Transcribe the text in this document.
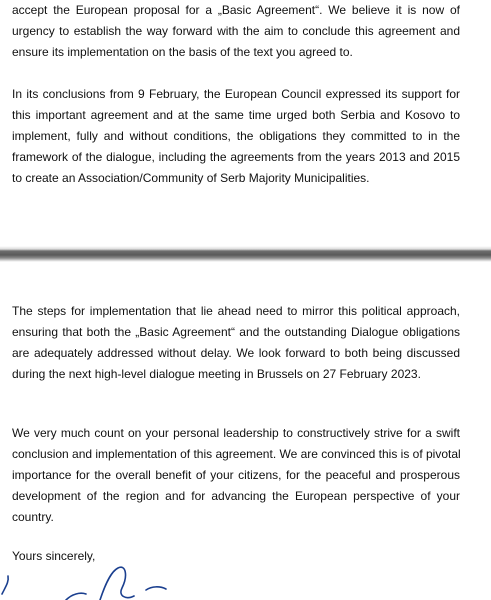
accept the European proposal for a „Basic Agreement“. We believe it is now of
urgency to establish the way forward with the aim to conclude this agreement and
ensure its implementation on the basis of the text you agreed to.

In its conclusions from 9 February, the European Council expressed its support for
this important agreement and at the same time urged both Serbia and Kosovo to
implement, fully and without conditions, the obligations they committed to in the
framework of the dialogue, including the agreements from the years 2013 and 2015
to create an Association/Community of Serb Majority Municipalities.

The steps for implementation that lie ahead need to mirror this political approach,
ensuring that both the „Basic Agreement“ and the outstanding Dialogue obligations
are adequately addressed without delay. We look forward to both being discussed
during the next high-level dialogue meeting in Brussels on 27 February 2023.

We very much count on your personal leadership to constructively strive for a swift
conclusion and implementation of this agreement. We are convinced this is of pivotal
importance for the overall benefit of your citizens, for the peaceful and prosperous
development of the region and for advancing the European perspective of your
country.

Yours sincerely,
